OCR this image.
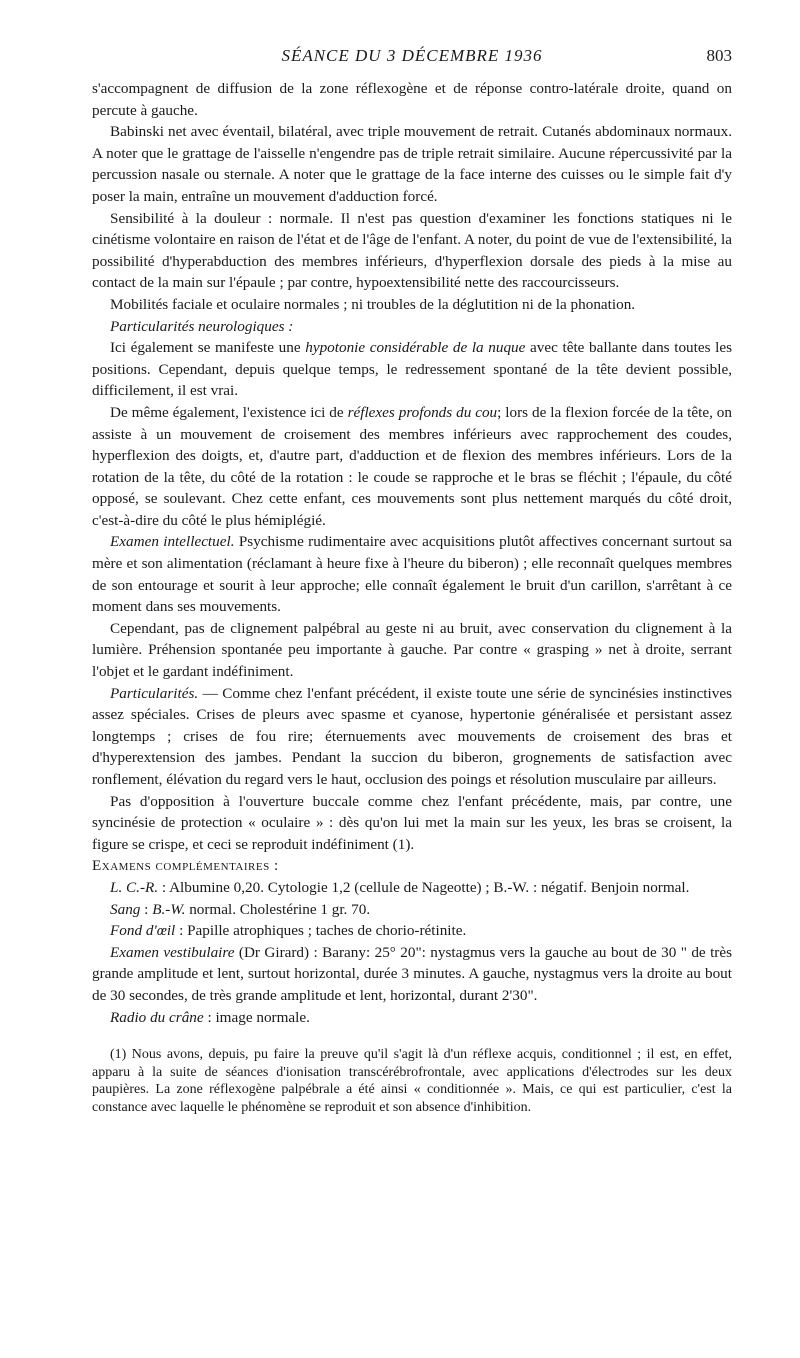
SÉANCE DU 3 DÉCEMBRE 1936	803

s'accompagnent de diffusion de la zone réflexogène et de réponse contro-latérale droite, quand on percute à gauche.

Babinski net avec éventail, bilatéral, avec triple mouvement de retrait. Cutanés abdominaux normaux. A noter que le grattage de l'aisselle n'engendre pas de triple retrait similaire. Aucune répercussivité par la percussion nasale ou sternale. A noter que le grattage de la face interne des cuisses ou le simple fait d'y poser la main, entraîne un mouvement d'adduction forcé.

Sensibilité à la douleur : normale. Il n'est pas question d'examiner les fonctions statiques ni le cinétisme volontaire en raison de l'état et de l'âge de l'enfant. A noter, du point de vue de l'extensibilité, la possibilité d'hyperabduction des membres inférieurs, d'hyperflexion dorsale des pieds à la mise au contact de la main sur l'épaule ; par contre, hypoextensibilité nette des raccourcisseurs.

Mobilités faciale et oculaire normales ; ni troubles de la déglutition ni de la phonation.

Particularités neurologiques :

Ici également se manifeste une hypotonie considérable de la nuque avec tête ballante dans toutes les positions. Cependant, depuis quelque temps, le redressement spontané de la tête devient possible, difficilement, il est vrai.

De même également, l'existence ici de réflexes profonds du cou; lors de la flexion forcée de la tête, on assiste à un mouvement de croisement des membres inférieurs avec rapprochement des coudes, hyperflexion des doigts, et, d'autre part, d'adduction et de flexion des membres inférieurs. Lors de la rotation de la tête, du côté de la rotation : le coude se rapproche et le bras se fléchit ; l'épaule, du côté opposé, se soulevant. Chez cette enfant, ces mouvements sont plus nettement marqués du côté droit, c'est-à-dire du côté le plus hémiplégié.

Examen intellectuel. Psychisme rudimentaire avec acquisitions plutôt affectives concernant surtout sa mère et son alimentation (réclamant à heure fixe à l'heure du biberon) ; elle reconnaît quelques membres de son entourage et sourit à leur approche; elle connaît également le bruit d'un carillon, s'arrêtant à ce moment dans ses mouvements.

Cependant, pas de clignement palpébral au geste ni au bruit, avec conservation du clignement à la lumière. Préhension spontanée peu importante à gauche. Par contre « grasping » net à droite, serrant l'objet et le gardant indéfiniment.

Particularités. — Comme chez l'enfant précédent, il existe toute une série de syncinésies instinctives assez spéciales. Crises de pleurs avec spasme et cyanose, hypertonie généralisée et persistant assez longtemps ; crises de fou rire; éternuements avec mouvements de croisement des bras et d'hyperextension des jambes. Pendant la succion du biberon, grognements de satisfaction avec ronflement, élévation du regard vers le haut, occlusion des poings et résolution musculaire par ailleurs.

Pas d'opposition à l'ouverture buccale comme chez l'enfant précédente, mais, par contre, une syncinésie de protection « oculaire » : dès qu'on lui met la main sur les yeux, les bras se croisent, la figure se crispe, et ceci se reproduit indéfiniment (1).

Examens complémentaires :

L. C.-R. : Albumine 0,20. Cytologie 1,2 (cellule de Nageotte) ; B.-W. : négatif. Benjoin normal.

Sang : B.-W. normal. Cholestérine 1 gr. 70.

Fond d'œil : Papille atrophiques ; taches de chorio-rétinite.

Examen vestibulaire (Dr Girard) : Barany: 25° 20": nystagmus vers la gauche au bout de 30 " de très grande amplitude et lent, surtout horizontal, durée 3 minutes. A gauche, nystagmus vers la droite au bout de 30 secondes, de très grande amplitude et lent, horizontal, durant 2'30".

Radio du crâne : image normale.

(1) Nous avons, depuis, pu faire la preuve qu'il s'agit là d'un réflexe acquis, conditionnel ; il est, en effet, apparu à la suite de séances d'ionisation transcérébrofrontale, avec applications d'électrodes sur les deux paupières. La zone réflexogène palpébrale a été ainsi « conditionnée ». Mais, ce qui est particulier, c'est la constance avec laquelle le phénomène se reproduit et son absence d'inhibition.
